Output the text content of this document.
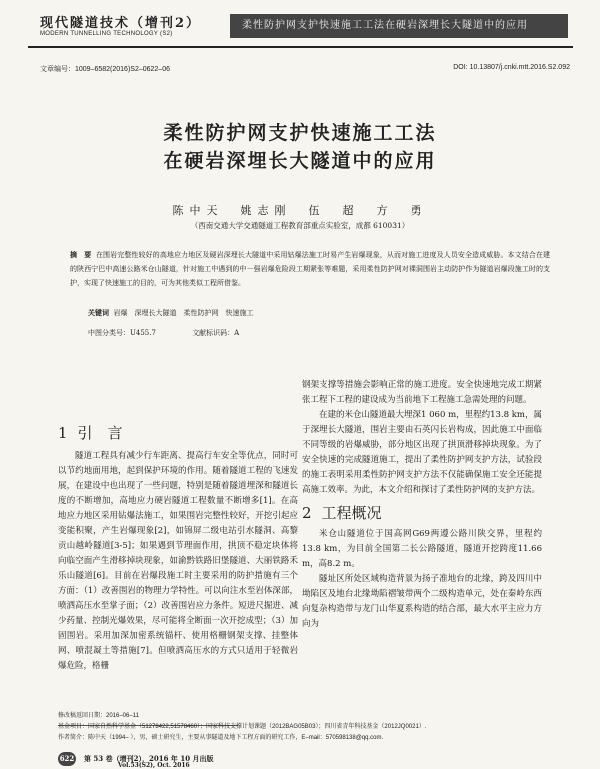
现代隧道技术（增刊2）
MODERN TUNNELLING TECHNOLOGY (S2)
柔性防护网支护快速施工工法在硬岩深埋长大隧道中的应用
文章编号：1009–6582(2016)S2–0622–06	DOI: 10.13807/j.cnki.mtt.2016.S2.092
柔性防护网支护快速施工工法
在硬岩深埋长大隧道中的应用
陈中天　姚志刚　伍　超　方　勇
（西南交通大学交通隧道工程教育部重点实验室，成都 610031）
摘　要 在围岩完整性较好的高地应力地区及硬岩深埋长大隧道中采用钻爆法施工时易产生岩爆现象，从而对施工进度及人员安全造成威胁。本文结合在建的陕西宁巴中高速公路米仓山隧道，针对施工中遇到的中－强岩爆危险段工期紧张等难题，采用柔性防护网对裸洞围岩主动防护作为隧道岩爆段施工时的支护，实现了快速施工的目的，可为其他类似工程所借鉴。
关键词 岩爆　深埋长大隧道　柔性防护网　快速施工
中图分类号：U455.7	文献标识码：A
1 引　言

隧道工程具有减少行车距离、提高行车安全等优点，同时可以节约地面用地，起到保护环境的作用。随着隧道工程的飞速发展，在建设中也出现了一些问题，特别是随着隧道埋深和隧道长度的不断增加，高地应力硬岩隧道工程数量不断增多[1]。在高地应力地区采用钻爆法施工，如果围岩完整性较好，开挖引起应变能积聚，产生岩爆现象[2]，如锦屏二级电站引水隧洞、高黎贡山越岭隧道[3-5]；如果遇到节理面作用，拱顶不稳定块体将向临空面产生滑移掉块现象，如渝黔铁路旧堡隧道、大丽铁路禾乐山隧道[6]。目前在岩爆段施工时主要采用的防护措施有三个方面：（1）改善围岩的物理力学特性。可以向注水至岩体深部，喷洒高压水至掌子面；（2）改善围岩应力条件。短进尺掘进、减少药量、控制光爆效果，尽可能将全断面一次开挖成型；（3）加固围岩。采用加深加密系统锚杆、使用格栅钢架支撑、挂整体网、喷混凝土等措施[7]。但喷洒高压水的方式只适用于轻微岩爆危险，格栅

钢架支撑等措施会影响正常的施工进度。安全快速地完成工期紧张工程下工程的建设成为当前地下工程施工急需处理的问题。

在建的米仓山隧道最大埋深1 060 m，里程约13.8 km，属于深埋长大隧道，围岩主要由石英闪长岩构成，因此施工中面临不同等级的岩爆威胁，部分地区出现了拱顶滑移掉块现象。为了安全快速的完成隧道施工，提出了柔性防护网支护方法，试验段的施工表明采用柔性防护网支护方法不仅能确保施工安全还能提高施工效率。为此，本文介绍和探讨了柔性防护网的支护方法。

2 工程概况

米仓山隧道位于国高网G69两遵公路川陕交界，里程约13.8 km，为目前全国第二长公路隧道，隧道开挖跨度11.66 m，高8.2 m。

隧址区所处区域构造背景为扬子准地台的北缘，跨及四川中坳陷区及地台北缘坳陷褶皱带两个二级构造单元，处在秦岭东西向复杂构造带与龙门山华夏系构造的结合部，最大水平主应力方向为

修改稿返回日期：2016–06–11
基金项目：国家自然科学基金（51278422,51578460）；国家科技支撑计划课题（2012BAG05B03）；四川省青年科技基金（2012JQ0021）.
作者简介：陈中天（1994– ），男，硕士研究生，主要从事隧道及地下工程方面的研究工作，E–mail：570598138@qq.com.
622 第 53 卷（增刊2），2016 年 10 月出版
Vol.53(S2), Oct. 2016
